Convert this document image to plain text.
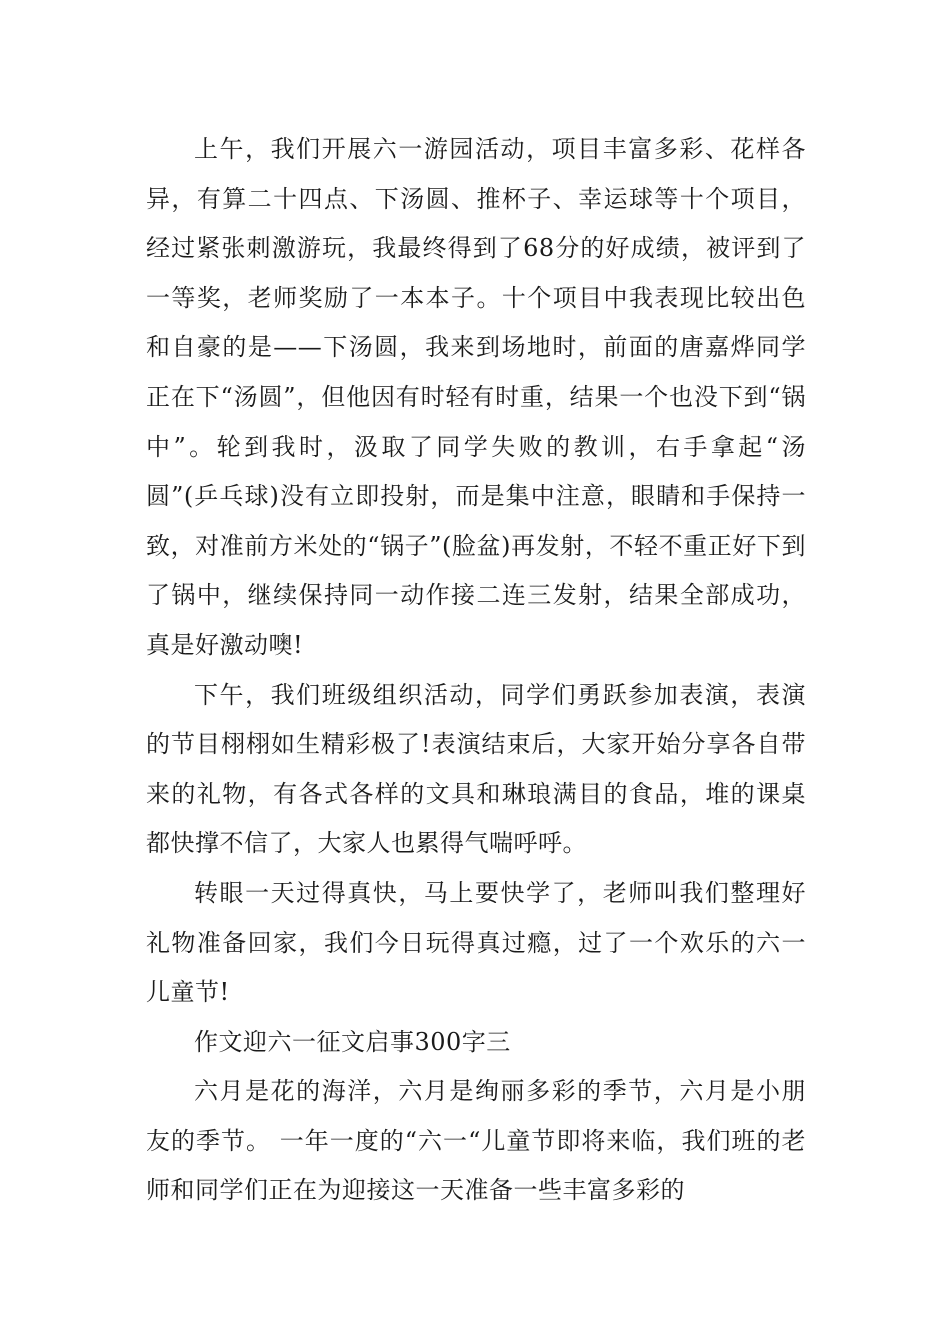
上午，我们开展六一游园活动，项目丰富多彩、花样各异，有算二十四点、下汤圆、推杯子、幸运球等十个项目，经过紧张刺激游玩，我最终得到了68分的好成绩，被评到了一等奖，老师奖励了一本本子。十个项目中我表现比较出色和自豪的是——下汤圆，我来到场地时，前面的唐嘉烨同学正在下“汤圆”，但他因有时轻有时重，结果一个也没下到“锅中”。轮到我时，汲取了同学失败的教训，右手拿起“汤圆”(乒乓球)没有立即投射，而是集中注意，眼睛和手保持一致，对准前方米处的“锅子”(脸盆)再发射，不轻不重正好下到了锅中，继续保持同一动作接二连三发射，结果全部成功，真是好激动噢!

下午，我们班级组织活动，同学们勇跃参加表演，表演的节目栩栩如生精彩极了!表演结束后，大家开始分享各自带来的礼物，有各式各样的文具和琳琅满目的食品，堆的课桌都快撑不信了，大家人也累得气喘呼呼。

转眼一天过得真快，马上要快学了，老师叫我们整理好礼物准备回家，我们今日玩得真过瘾，过了一个欢乐的六一儿童节!

作文迎六一征文启事300字三

六月是花的海洋，六月是绚丽多彩的季节，六月是小朋友的季节。 一年一度的“六一“儿童节即将来临，我们班的老师和同学们正在为迎接这一天准备一些丰富多彩的
